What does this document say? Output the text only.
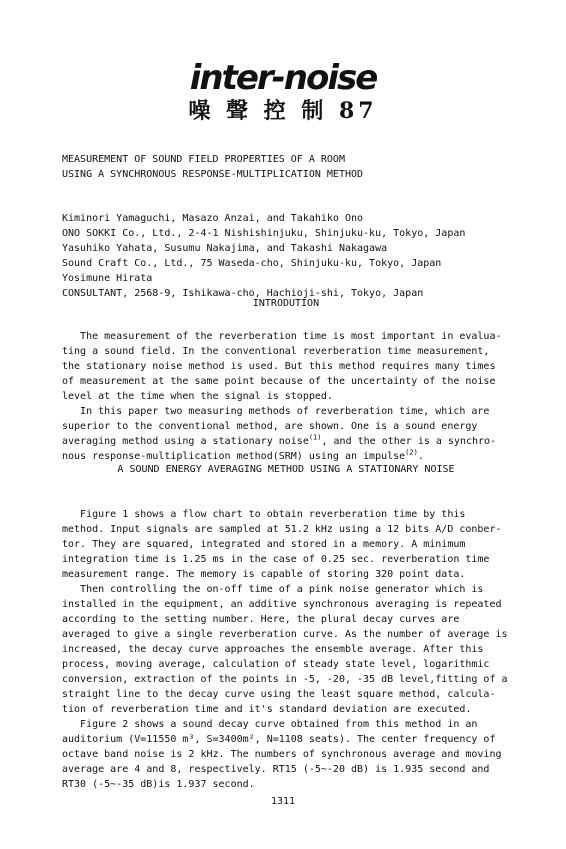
inter-noise
噪 聲 控 制 87

MEASUREMENT OF SOUND FIELD PROPERTIES OF A ROOM
USING A SYNCHRONOUS RESPONSE-MULTIPLICATION METHOD

Kiminori Yamaguchi, Masazo Anzai, and Takahiko Ono
ONO SOKKI Co., Ltd., 2-4-1 Nishishinjuku, Shinjuku-ku, Tokyo, Japan
Yasuhiko Yahata, Susumu Nakajima, and Takashi Nakagawa
Sound Craft Co., Ltd., 75 Waseda-cho, Shinjuku-ku, Tokyo, Japan
Yosimune Hirata
CONSULTANT, 2568-9, Ishikawa-cho, Hachioji-shi, Tokyo, Japan

INTRODUTION

The measurement of the reverberation time is most important in evalua-
ting a sound field. In the conventional reverberation time measurement,
the stationary noise method is used. But this method requires many times
of measurement at the same point because of the uncertainty of the noise
level at the time when the signal is stopped.

In this paper two measuring methods of reverberation time, which are
superior to the conventional method, are shown. One is a sound energy
averaging method using a stationary noise$^{(1)}$, and the other is a synchro-
nous response-multiplication method(SRM) using an impulse$^{(2)}$.

A SOUND ENERGY AVERAGING METHOD USING A STATIONARY NOISE

Figure 1 shows a flow chart to obtain reverberation time by this
method. Input signals are sampled at 51.2 kHz using a 12 bits A/D conber-
tor. They are squared, integrated and stored in a memory. A minimum
integration time is 1.25 ms in the case of 0.25 sec. reverberation time
measurement range. The memory is capable of storing 320 point data.

Then controlling the on-off time of a pink noise generator which is
installed in the equipment, an additive synchronous averaging is repeated
according to the setting number. Here, the plural decay curves are
averaged to give a single reverberation curve. As the number of average is
increased, the decay curve approaches the ensemble average. After this
process, moving average, calculation of steady state level, logarithmic
conversion, extraction of the points in -5, -20, -35 dB level,fitting of a
straight line to the decay curve using the least square method, calcula-
tion of reverberation time and it's standard deviation are executed.

Figure 2 shows a sound decay curve obtained from this method in an
auditorium (V=11550 m³, S=3400m², N=1108 seats). The center frequency of
octave band noise is 2 kHz. The numbers of synchronous average and moving
average are 4 and 8, respectively. RT15 (-5~-20 dB) is 1.935 second and
RT30 (-5~-35 dB)is 1.937 second.

1311
